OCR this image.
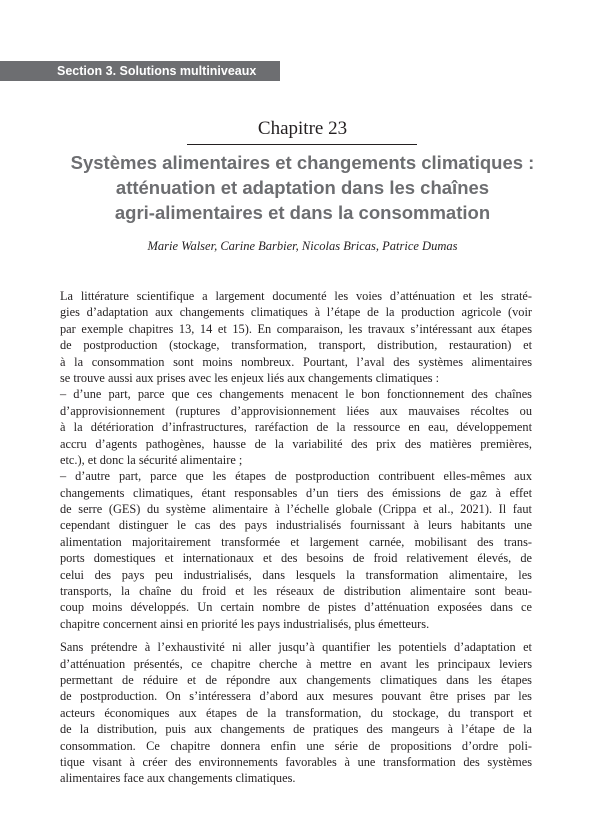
Section 3. Solutions multiniveaux
Chapitre 23
Systèmes alimentaires et changements climatiques :
atténuation et adaptation dans les chaînes
agri-alimentaires et dans la consommation
Marie Walser, Carine Barbier, Nicolas Bricas, Patrice Dumas
La littérature scientifique a largement documenté les voies d’atténuation et les straté-
gies d’adaptation aux changements climatiques à l’étape de la production agricole (voir
par exemple chapitres 13, 14 et 15). En comparaison, les travaux s’intéressant aux étapes
de postproduction (stockage, transformation, transport, distribution, restauration) et
à la consommation sont moins nombreux. Pourtant, l’aval des systèmes alimentaires
se trouve aussi aux prises avec les enjeux liés aux changements climatiques :
– d’une part, parce que ces changements menacent le bon fonctionnement des chaînes
d’approvisionnement (ruptures d’approvisionnement liées aux mauvaises récoltes ou
à la détérioration d’infrastructures, raréfaction de la ressource en eau, développement
accru d’agents pathogènes, hausse de la variabilité des prix des matières premières,
etc.), et donc la sécurité alimentaire ;
– d’autre part, parce que les étapes de postproduction contribuent elles-mêmes aux
changements climatiques, étant responsables d’un tiers des émissions de gaz à effet
de serre (GES) du système alimentaire à l’échelle globale (Crippa et al., 2021). Il faut
cependant distinguer le cas des pays industrialisés fournissant à leurs habitants une
alimentation majoritairement transformée et largement carnée, mobilisant des trans-
ports domestiques et internationaux et des besoins de froid relativement élevés, de
celui des pays peu industrialisés, dans lesquels la transformation alimentaire, les
transports, la chaîne du froid et les réseaux de distribution alimentaire sont beau-
coup moins développés. Un certain nombre de pistes d’atténuation exposées dans ce
chapitre concernent ainsi en priorité les pays industrialisés, plus émetteurs.
Sans prétendre à l’exhaustivité ni aller jusqu’à quantifier les potentiels d’adaptation et
d’atténuation présentés, ce chapitre cherche à mettre en avant les principaux leviers
permettant de réduire et de répondre aux changements climatiques dans les étapes
de postproduction. On s’intéressera d’abord aux mesures pouvant être prises par les
acteurs économiques aux étapes de la transformation, du stockage, du transport et
de la distribution, puis aux changements de pratiques des mangeurs à l’étape de la
consommation. Ce chapitre donnera enfin une série de propositions d’ordre poli-
tique visant à créer des environnements favorables à une transformation des systèmes
alimentaires face aux changements climatiques.
